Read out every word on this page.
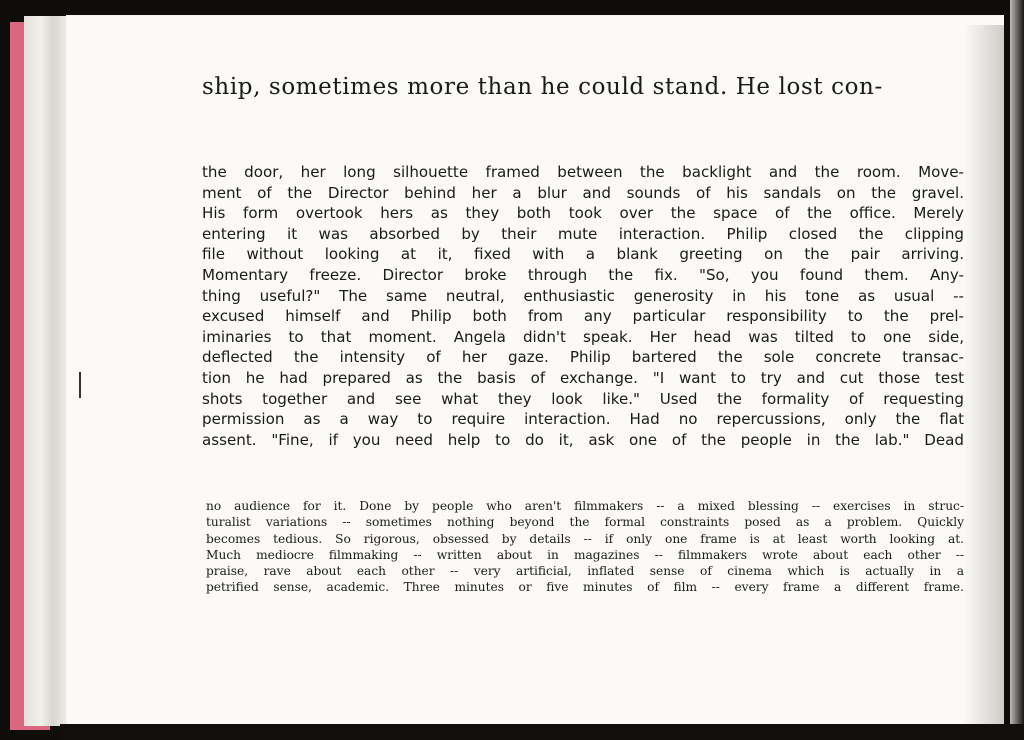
ship, sometimes more than he could stand. He lost con-
the door, her long silhouette framed between the backlight and the room. Move-
ment of the Director behind her a blur and sounds of his sandals on the gravel.
His form overtook hers as they both took over the space of the office. Merely
entering it was absorbed by their mute interaction. Philip closed the clipping
file without looking at it, fixed with a blank greeting on the pair arriving.
Momentary freeze. Director broke through the fix. "So, you found them. Any-
thing useful?" The same neutral, enthusiastic generosity in his tone as usual --
excused himself and Philip both from any particular responsibility to the prel-
iminaries to that moment. Angela didn't speak. Her head was tilted to one side,
deflected the intensity of her gaze. Philip bartered the sole concrete transac-
tion he had prepared as the basis of exchange. "I want to try and cut those test
shots together and see what they look like." Used the formality of requesting
permission as a way to require interaction. Had no repercussions, only the flat
assent. "Fine, if you need help to do it, ask one of the people in the lab." Dead
no audience for it. Done by people who aren't filmmakers -- a mixed blessing -- exercises in struc-
turalist variations -- sometimes nothing beyond the formal constraints posed as a problem. Quickly
becomes tedious. So rigorous, obsessed by details -- if only one frame is at least worth looking at.
Much mediocre filmmaking -- written about in magazines -- filmmakers wrote about each other --
praise, rave about each other -- very artificial, inflated sense of cinema which is actually in a
petrified sense, academic. Three minutes or five minutes of film -- every frame a different frame.
